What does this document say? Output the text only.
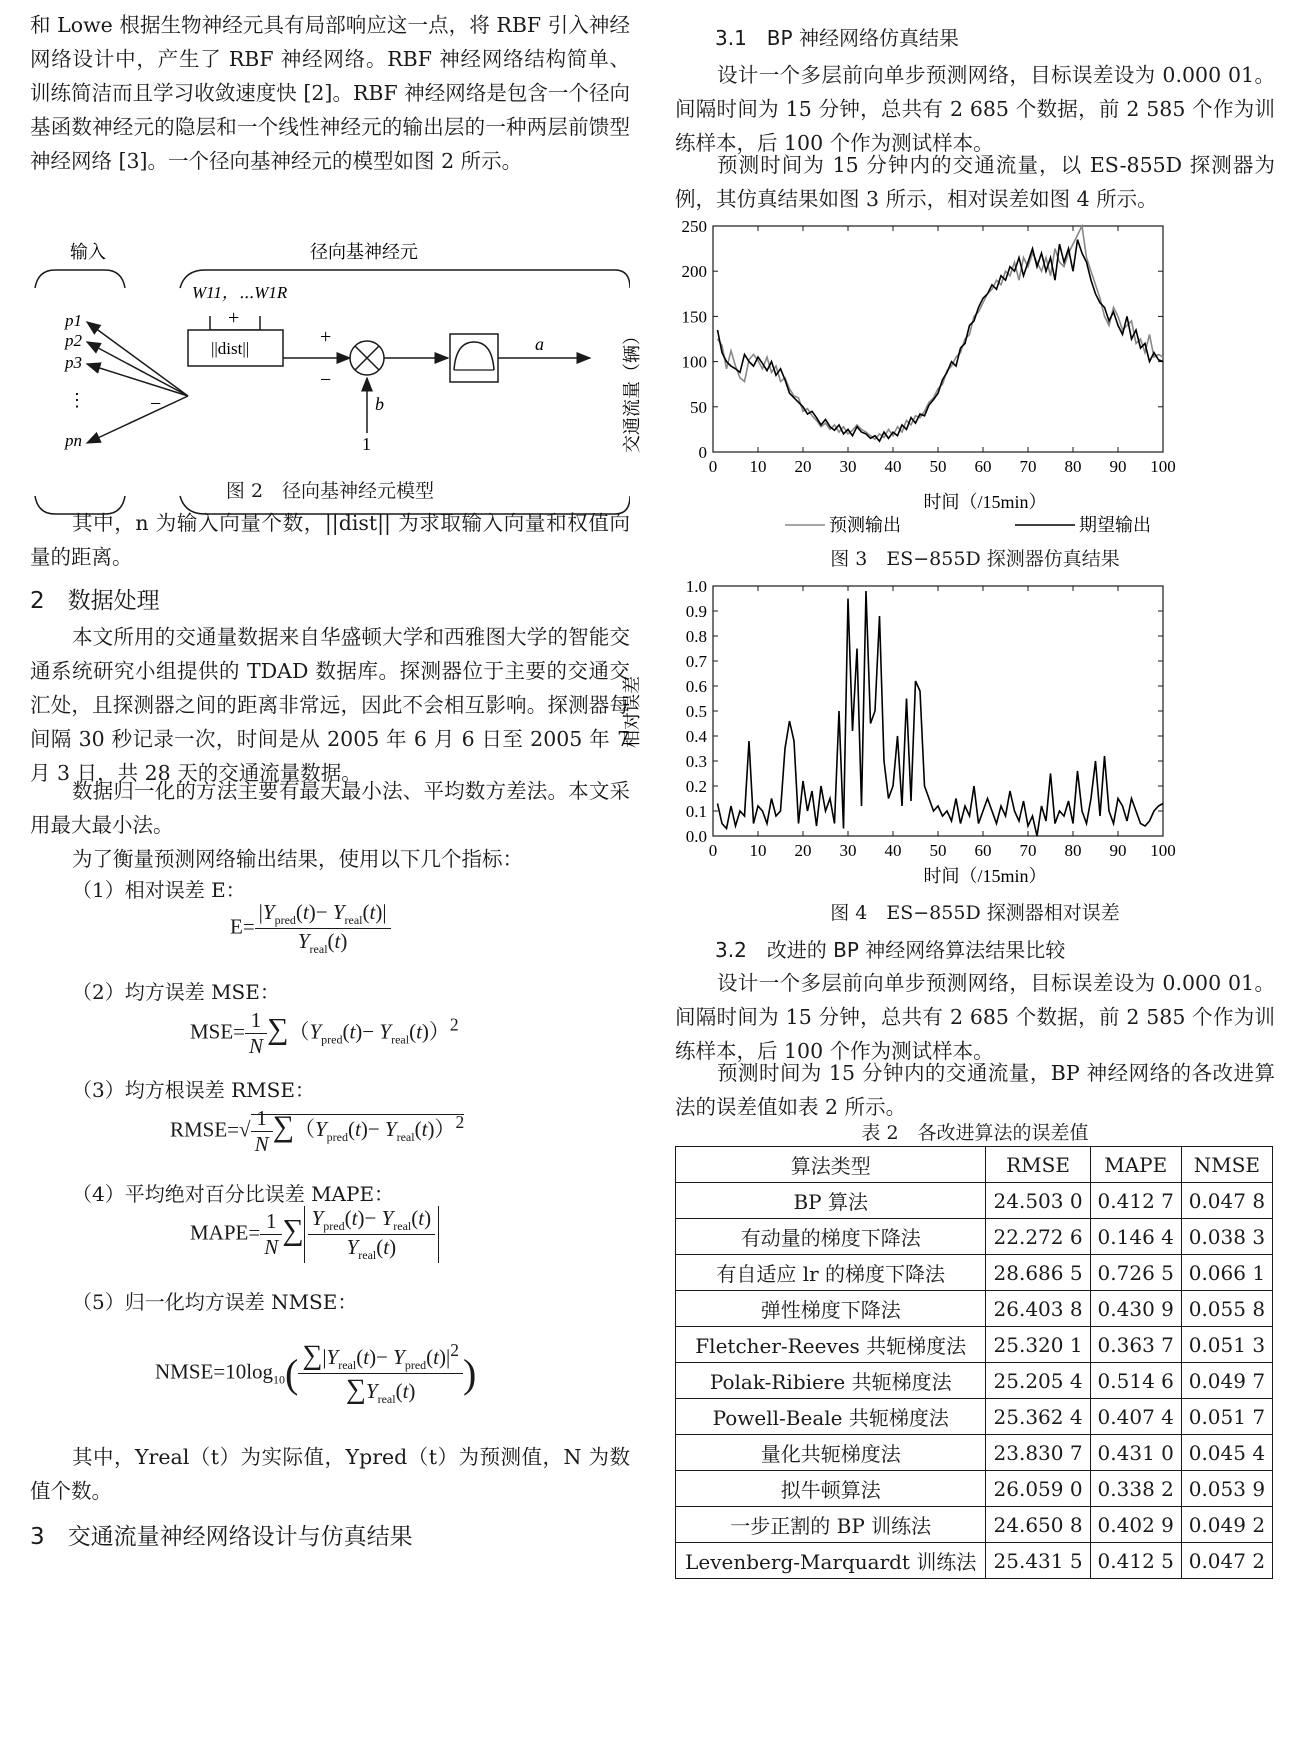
和 Lowe 根据生物神经元具有局部响应这一点，将 RBF 引入神经网络设计中，产生了 RBF 神经网络。RBF 神经网络结构简单、训练简洁而且学习收敛速度快 [2]。RBF 神经网络是包含一个径向基函数神经元的隐层和一个线性神经元的输出层的一种两层前馈型神经网络 [3]。一个径向基神经元的模型如图 2 所示。

输入	径向基神经元
p1
p2
p3
⋮
pn
−
W11，⋯W1R
+
||dist||
+
−
b
1
a
图 2　径向基神经元模型

其中，n 为输入向量个数，||dist|| 为求取输入向量和权值向量的距离。

2　数据处理

本文所用的交通量数据来自华盛顿大学和西雅图大学的智能交通系统研究小组提供的 TDAD 数据库。探测器位于主要的交通交汇处，且探测器之间的距离非常远，因此不会相互影响。探测器每间隔 30 秒记录一次，时间是从 2005 年 6 月 6 日至 2005 年 7 月 3 日，共 28 天的交通流量数据。

数据归一化的方法主要有最大最小法、平均数方差法。本文采用最大最小法。

为了衡量预测网络输出结果，使用以下几个指标：

（1）相对误差 E：
$E= \frac{|Y_{pred}(t)- Y_{real}(t)|}{Y_{real}(t)}$
（2）均方误差 MSE：
$MSE= \frac{1}{N} \sum(Y_{pred}(t)- Y_{real}(t))^2$
（3）均方根误差 RMSE：
RMSE=√ $\frac{1}{N} \sum(Y_{pred}(t)- Y_{real}(t))^2$
（4）平均绝对百分比误差 MAPE：
MAPE= $\frac{1}{N}$ ∑ $\frac{Y_{pred}(t)- Y_{real}(t)}{Y_{real}(t)}$
（5）归一化均方误差 NMSE：
$NMSE=10\log_{10}( \frac{\sum|Y_{real}(t)- Y_{pred}(t)|^2}{\sum Y_{real}(t)}$ )

其中，Yreal（t）为实际值，Ypred（t）为预测值，N 为数值个数。

3　交通流量神经网络设计与仿真结果
3.1　BP 神经网络仿真结果

设计一个多层前向单步预测网络，目标误差设为 0.000 01。间隔时间为 15 分钟，总共有 2 685 个数据，前 2 585 个作为训练样本，后 100 个作为测试样本。

预测时间为 15 分钟内的交通流量，以 ES-855D 探测器为例，其仿真结果如图 3 所示，相对误差如图 4 所示。

交通流量（辆）
时间（/15min）
0 10 20 30 40 50 60 70 80 90 100
0
50
100
150
200
250
预测输出	期望输出
图 3　ES−855D 探测器仿真结果
相对误差
时间（/15min）
0 10 20 30 40 50 60 70 80 90 100
0.0
0.1
0.2
0.3
0.4
0.5
0.6
0.7
0.8
0.9
1.0
图 4　ES−855D 探测器相对误差
3.2　改进的 BP 神经网络算法结果比较

设计一个多层前向单步预测网络，目标误差设为 0.000 01。间隔时间为 15 分钟，总共有 2 685 个数据，前 2 585 个作为训练样本，后 100 个作为测试样本。

预测时间为 15 分钟内的交通流量，BP 神经网络的各改进算法的误差值如表 2 所示。

表 2　各改进算法的误差值
算法类型	RMSE	MAPE	NMSE
BP 算法	24.503 0	0.412 7	0.047 8
有动量的梯度下降法	22.272 6	0.146 4	0.038 3
有自适应 lr 的梯度下降法	28.686 5	0.726 5	0.066 1
弹性梯度下降法	26.403 8	0.430 9	0.055 8
Fletcher-Reeves 共轭梯度法	25.320 1	0.363 7	0.051 3
Polak-Ribiere 共轭梯度法	25.205 4	0.514 6	0.049 7
Powell-Beale 共轭梯度法	25.362 4	0.407 4	0.051 7
量化共轭梯度法	23.830 7	0.431 0	0.045 4
拟牛顿算法	26.059 0	0.338 2	0.053 9
一步正割的 BP 训练法	24.650 8	0.402 9	0.049 2
Levenberg-Marquardt 训练法	25.431 5	0.412 5	0.047 2
